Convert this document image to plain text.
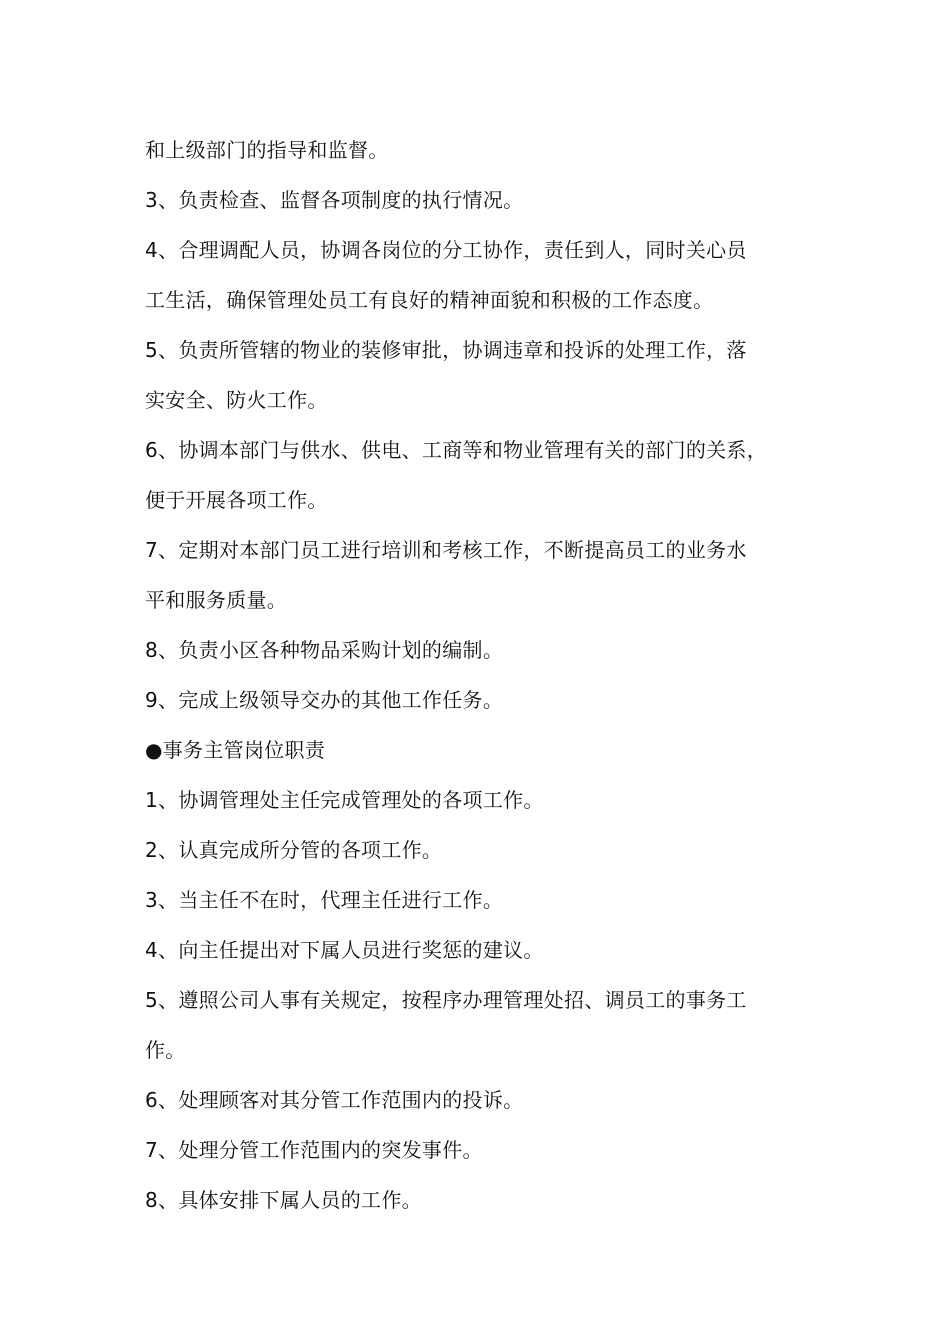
和上级部门的指导和监督。

3、负责检查、监督各项制度的执行情况。

4、合理调配人员，协调各岗位的分工协作，责任到人，同时关心员

工生活，确保管理处员工有良好的精神面貌和积极的工作态度。

5、负责所管辖的物业的装修审批，协调违章和投诉的处理工作，落

实安全、防火工作。

6、协调本部门与供水、供电、工商等和物业管理有关的部门的关系，

便于开展各项工作。

7、定期对本部门员工进行培训和考核工作，不断提高员工的业务水

平和服务质量。

8、负责小区各种物品采购计划的编制。

9、完成上级领导交办的其他工作任务。

●事务主管岗位职责

1、协调管理处主任完成管理处的各项工作。

2、认真完成所分管的各项工作。

3、当主任不在时，代理主任进行工作。

4、向主任提出对下属人员进行奖惩的建议。

5、遵照公司人事有关规定，按程序办理管理处招、调员工的事务工

作。

6、处理顾客对其分管工作范围内的投诉。

7、处理分管工作范围内的突发事件。

8、具体安排下属人员的工作。
